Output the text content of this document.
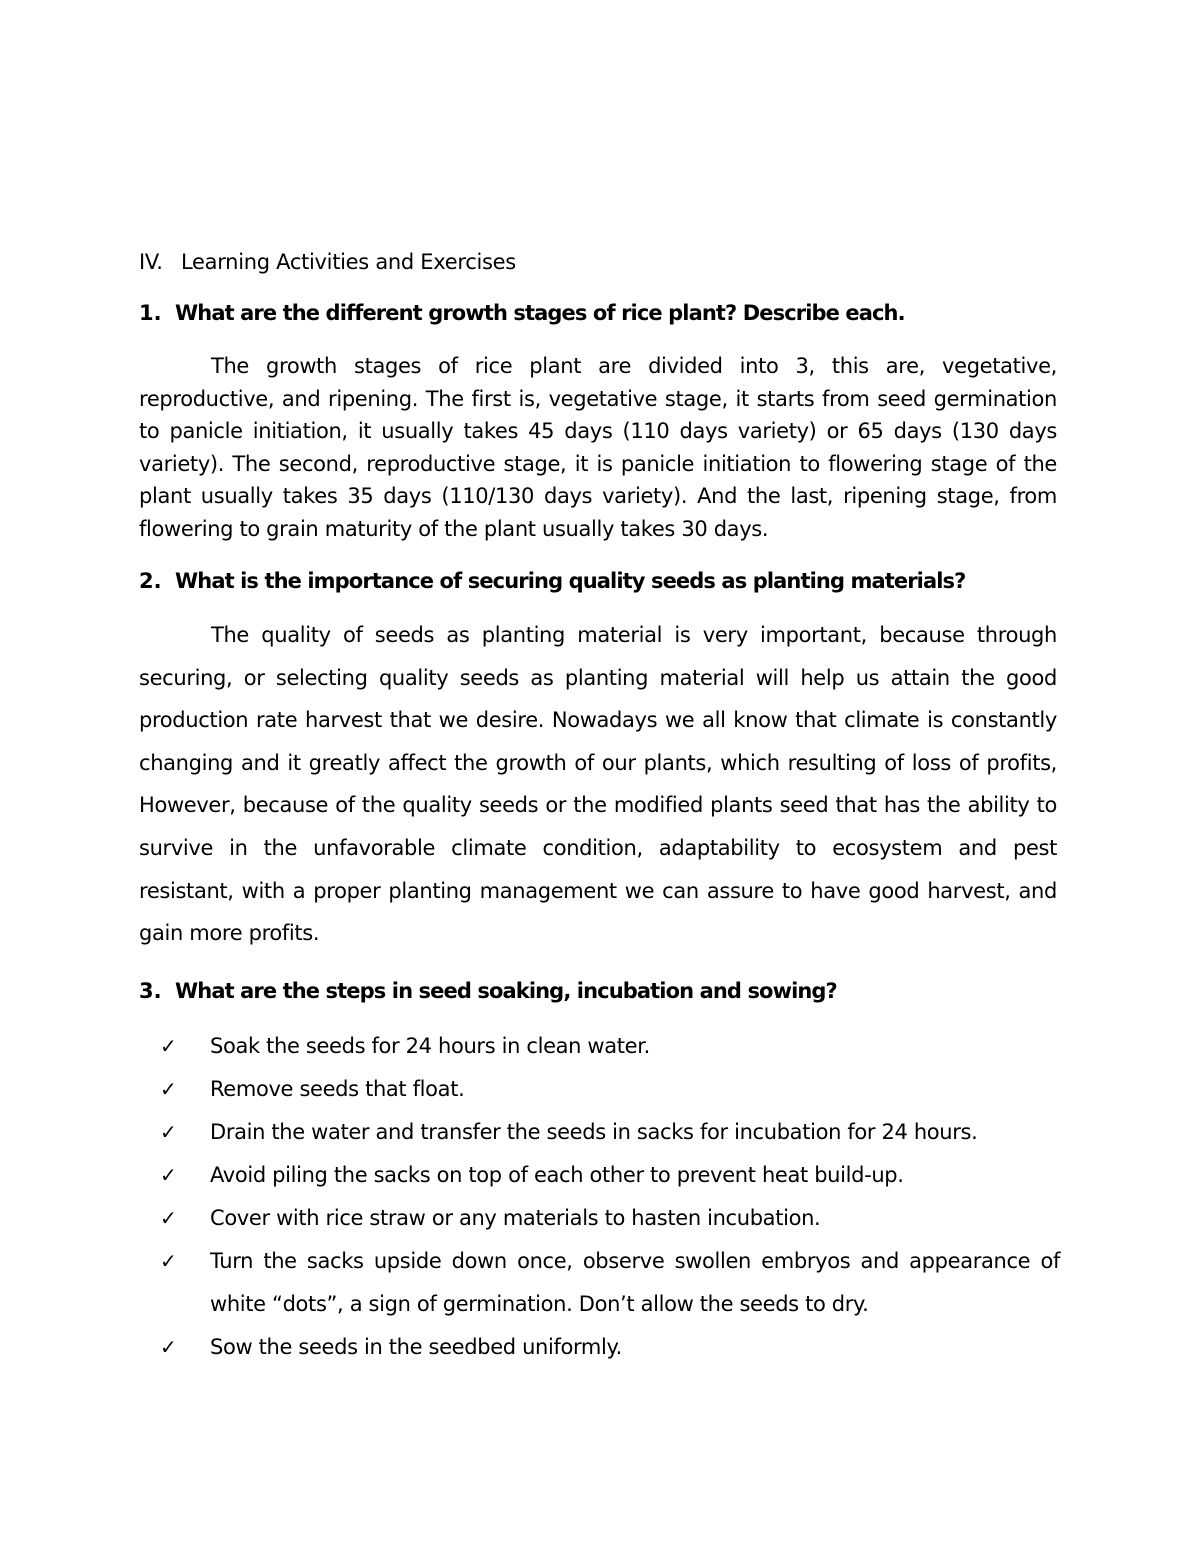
IV. Learning Activities and Exercises
1. What are the different growth stages of rice plant? Describe each.

The growth stages of rice plant are divided into 3, this are, vegetative, reproductive, and ripening. The first is, vegetative stage, it starts from seed germination to panicle initiation, it usually takes 45 days (110 days variety) or 65 days (130 days variety). The second, reproductive stage, it is panicle initiation to flowering stage of the plant usually takes 35 days (110/130 days variety). And the last, ripening stage, from flowering to grain maturity of the plant usually takes 30 days.

2. What is the importance of securing quality seeds as planting materials?

The quality of seeds as planting material is very important, because through securing, or selecting quality seeds as planting material will help us attain the good production rate harvest that we desire. Nowadays we all know that climate is constantly changing and it greatly affect the growth of our plants, which resulting of loss of profits, However, because of the quality seeds or the modified plants seed that has the ability to survive in the unfavorable climate condition, adaptability to ecosystem and pest resistant, with a proper planting management we can assure to have good harvest, and gain more profits.

3. What are the steps in seed soaking, incubation and sowing?
✓	Soak the seeds for 24 hours in clean water.
✓	Remove seeds that float.
✓	Drain the water and transfer the seeds in sacks for incubation for 24 hours.
✓	Avoid piling the sacks on top of each other to prevent heat build-up.
✓	Cover with rice straw or any materials to hasten incubation.
✓	Turn the sacks upside down once, observe swollen embryos and appearance of white “dots”, a sign of germination. Don’t allow the seeds to dry.
✓	Sow the seeds in the seedbed uniformly.
